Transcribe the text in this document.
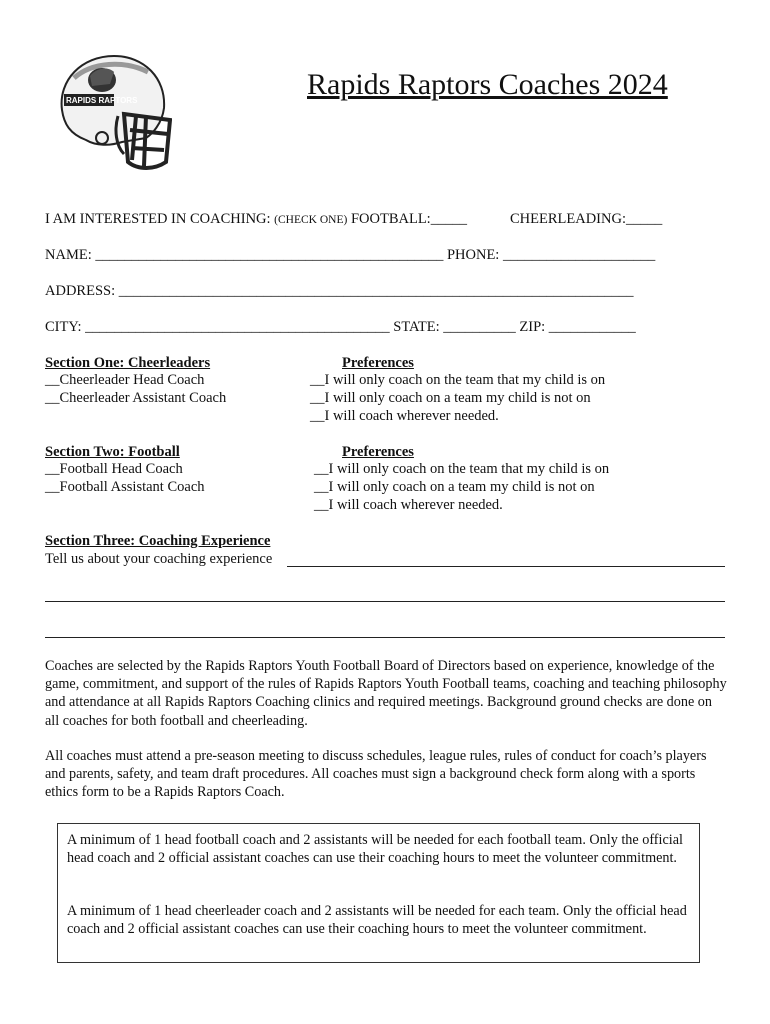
RAPIDS RAPTORS	Rapids Raptors Coaches 2024
I AM INTERESTED IN COACHING: (CHECK ONE) FOOTBALL:_____	CHEERLEADING:_____
NAME: ________________________________________________ PHONE: _____________________
ADDRESS: _______________________________________________________________________
CITY: __________________________________________ STATE: __________ ZIP: ____________
Section One: Cheerleaders
__Cheerleader Head Coach
__Cheerleader Assistant Coach
Preferences
__I will only coach on the team that my child is on
__I will only coach on a team my child is not on
__I will coach wherever needed.
Section Two: Football
__Football Head Coach
__Football Assistant Coach
Preferences
__I will only coach on the team that my child is on
__I will only coach on a team my child is not on
__I will coach wherever needed.
Section Three: Coaching Experience
Tell us about your coaching experience
Coaches are selected by the Rapids Raptors Youth Football Board of Directors based on experience, knowledge of the game, commitment, and support of the rules of Rapids Raptors Youth Football teams, coaching and teaching philosophy and attendance at all Rapids Raptors Coaching clinics and required meetings. Background ground checks are done on all coaches for both football and cheerleading.
All coaches must attend a pre-season meeting to discuss schedules, league rules, rules of conduct for coach’s players and parents, safety, and team draft procedures. All coaches must sign a background check form along with a sports ethics form to be a Rapids Raptors Coach.

A minimum of 1 head football coach and 2 assistants will be needed for each football team. Only the official head coach and 2 official assistant coaches can use their coaching hours to meet the volunteer commitment.

A minimum of 1 head cheerleader coach and 2 assistants will be needed for each team. Only the official head coach and 2 official assistant coaches can use their coaching hours to meet the volunteer commitment.
